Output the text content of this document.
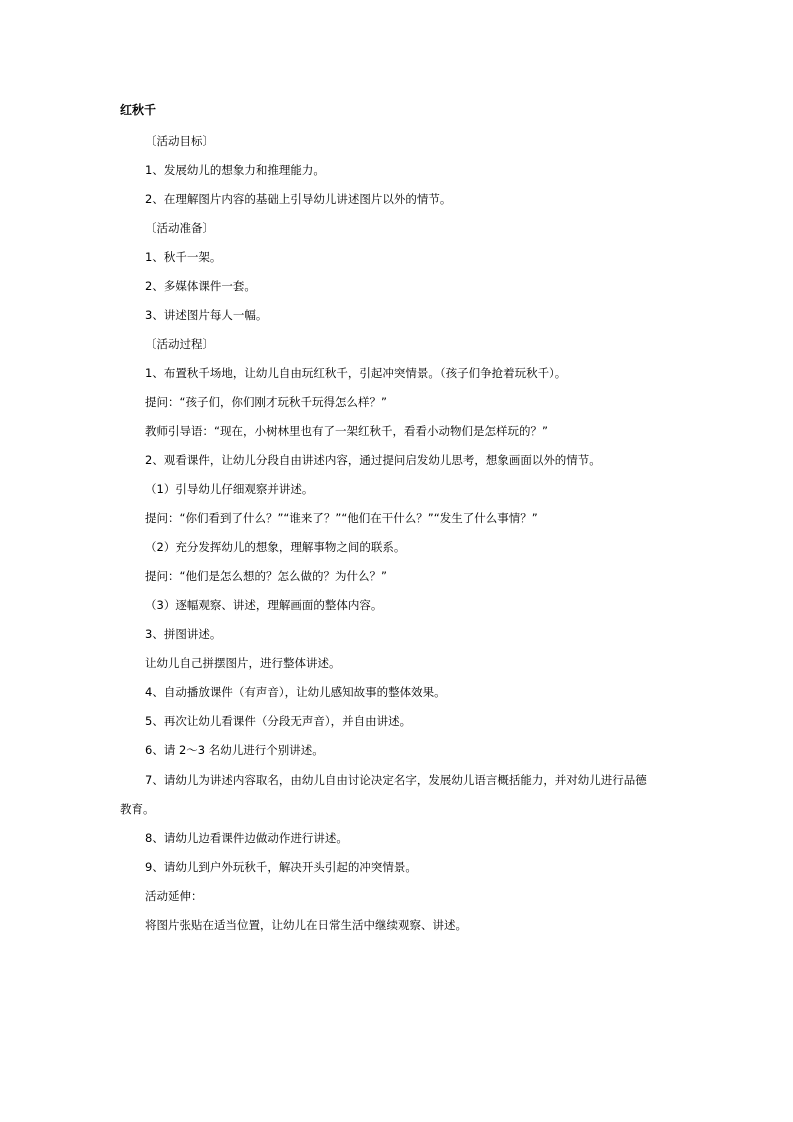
红秋千
〔活动目标〕
1、发展幼儿的想象力和推理能力。
2、在理解图片内容的基础上引导幼儿讲述图片以外的情节。
〔活动准备〕
1、秋千一架。
2、多媒体课件一套。
3、讲述图片每人一幅。
〔活动过程〕
1、布置秋千场地，让幼儿自由玩红秋千，引起冲突情景。（孩子们争抢着玩秋千）。
提问：“孩子们，你们刚才玩秋千玩得怎么样？”
教师引导语：“现在，小树林里也有了一架红秋千，看看小动物们是怎样玩的？”
2、观看课件，让幼儿分段自由讲述内容，通过提问启发幼儿思考，想象画面以外的情节。
（1）引导幼儿仔细观察并讲述。
提问：“你们看到了什么？”“谁来了？”“他们在干什么？”“发生了什么事情？”
（2）充分发挥幼儿的想象，理解事物之间的联系。
提问：“他们是怎么想的？怎么做的？为什么？”
（3）逐幅观察、讲述，理解画面的整体内容。
3、拼图讲述。
让幼儿自己拼摆图片，进行整体讲述。
4、自动播放课件（有声音），让幼儿感知故事的整体效果。
5、再次让幼儿看课件（分段无声音），并自由讲述。
6、请 2～3 名幼儿进行个别讲述。
7、请幼儿为讲述内容取名，由幼儿自由讨论决定名字，发展幼儿语言概括能力，并对幼儿进行品德教育。
8、请幼儿边看课件边做动作进行讲述。
9、请幼儿到户外玩秋千，解决开头引起的冲突情景。
活动延伸：
将图片张贴在适当位置，让幼儿在日常生活中继续观察、讲述。
